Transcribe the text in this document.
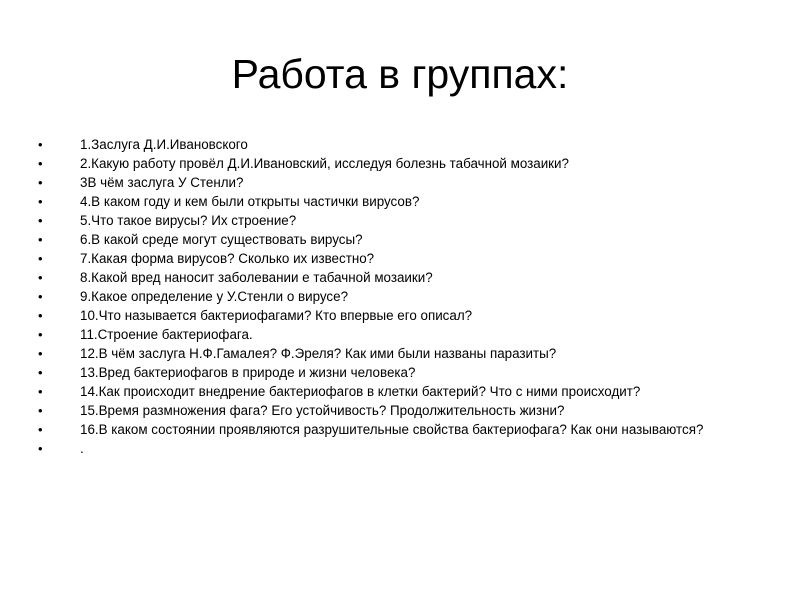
Работа в группах:
•	1.Заслуга Д.И.Ивановского
•	2.Какую работу провёл Д.И.Ивановский, исследуя болезнь табачной мозаики?
•	3В чём заслуга У Стенли?
•	4.В каком году и кем были открыты частички вирусов?
•	5.Что такое вирусы? Их строение?
•	6.В какой среде могут существовать вирусы?
•	7.Какая форма вирусов? Сколько их известно?
•	8.Какой вред наносит заболевании е табачной мозаики?
•	9.Какое определение у У.Стенли о вирусе?
•	10.Что называется бактериофагами? Кто впервые его описал?
•	11.Строение бактериофага.
•	12.В чём заслуга Н.Ф.Гамалея? Ф.Эреля? Как ими были названы паразиты?
•	13.Вред бактериофагов в природе и жизни человека?
•	14.Как происходит внедрение бактериофагов в клетки бактерий? Что с ними происходит?
•	15.Время размножения фага? Его устойчивость? Продолжительность жизни?
•	16.В каком состоянии проявляются разрушительные свойства бактериофага? Как они называются?
•	.
